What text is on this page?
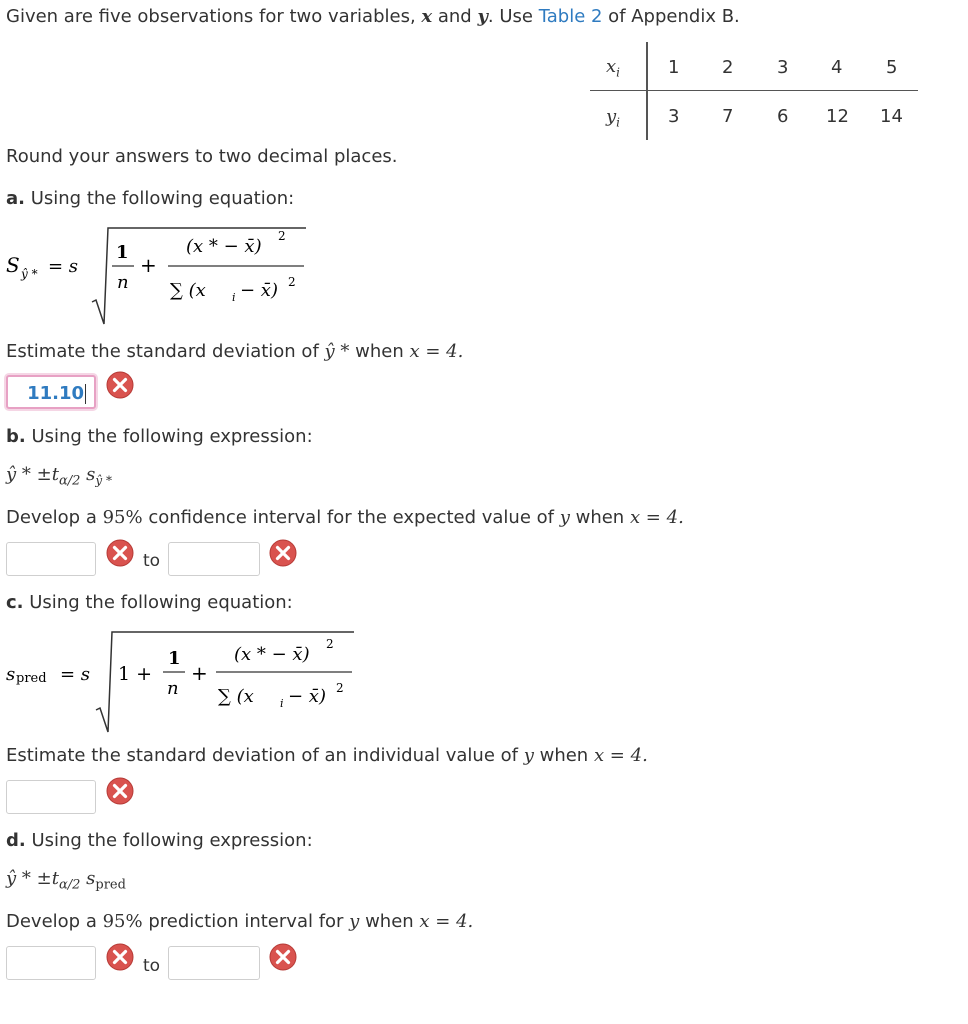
Given are five observations for two variables, x and y. Use Table 2 of Appendix B.
$x_i$
$y_i$
1 2 3 4 5
3 7 6 12 14
Round your answers to two decimal places.
a. Using the following equation:
S ŷ * = s
1
n
+
(x * − x̄) 2
∑ (x i − x̄) 2
Estimate the standard deviation of ŷ * when x = 4.
11.10
b. Using the following expression:
ŷ * $\pm t_{\alpha/2}$ $s_{ŷ *}$
Develop a 95% confidence interval for the expected value of y when x = 4.
to
c. Using the following equation:
s pred = s 1 +
1
n
+
(x * − x̄) 2
∑ (x i − x̄) 2
Estimate the standard deviation of an individual value of y when x = 4.
d. Using the following expression:
ŷ * $\pm t_{\alpha/2}$ $s_{pred}$
Develop a 95% prediction interval for y when x = 4.
to
